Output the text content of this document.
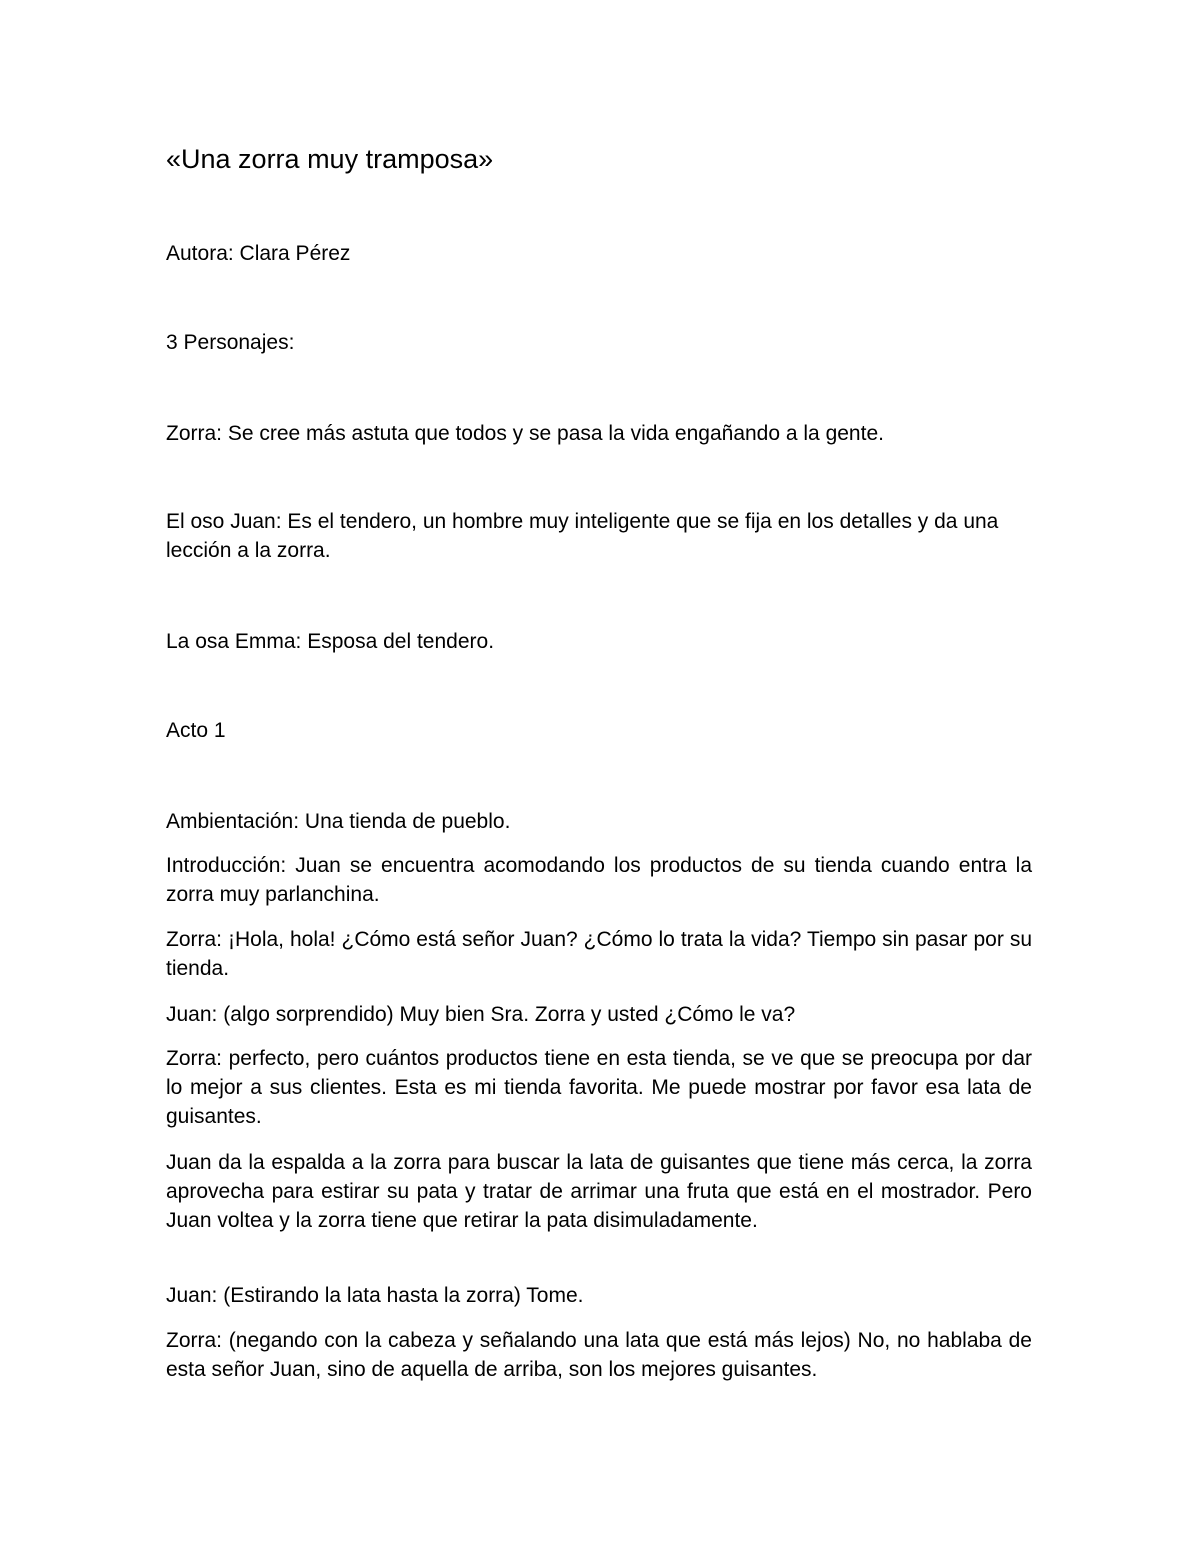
«Una zorra muy tramposa»

Autora: Clara Pérez

3 Personajes:

Zorra: Se cree más astuta que todos y se pasa la vida engañando a la gente.

El oso Juan: Es el tendero, un hombre muy inteligente que se fija en los detalles y da una lección a la zorra.

La osa Emma: Esposa del tendero.

Acto 1

Ambientación: Una tienda de pueblo.

Introducción: Juan se encuentra acomodando los productos de su tienda cuando entra la zorra muy parlanchina.

Zorra: ¡Hola, hola! ¿Cómo está señor Juan? ¿Cómo lo trata la vida? Tiempo sin pasar por su tienda.

Juan: (algo sorprendido) Muy bien Sra. Zorra y usted ¿Cómo le va?

Zorra: perfecto, pero cuántos productos tiene en esta tienda, se ve que se preocupa por dar lo mejor a sus clientes. Esta es mi tienda favorita. Me puede mostrar por favor esa lata de guisantes.

Juan da la espalda a la zorra para buscar la lata de guisantes que tiene más cerca, la zorra aprovecha para estirar su pata y tratar de arrimar una fruta que está en el mostrador. Pero Juan voltea y la zorra tiene que retirar la pata disimuladamente.

Juan: (Estirando la lata hasta la zorra) Tome.

Zorra: (negando con la cabeza y señalando una lata que está más lejos) No, no hablaba de esta señor Juan, sino de aquella de arriba, son los mejores guisantes.
